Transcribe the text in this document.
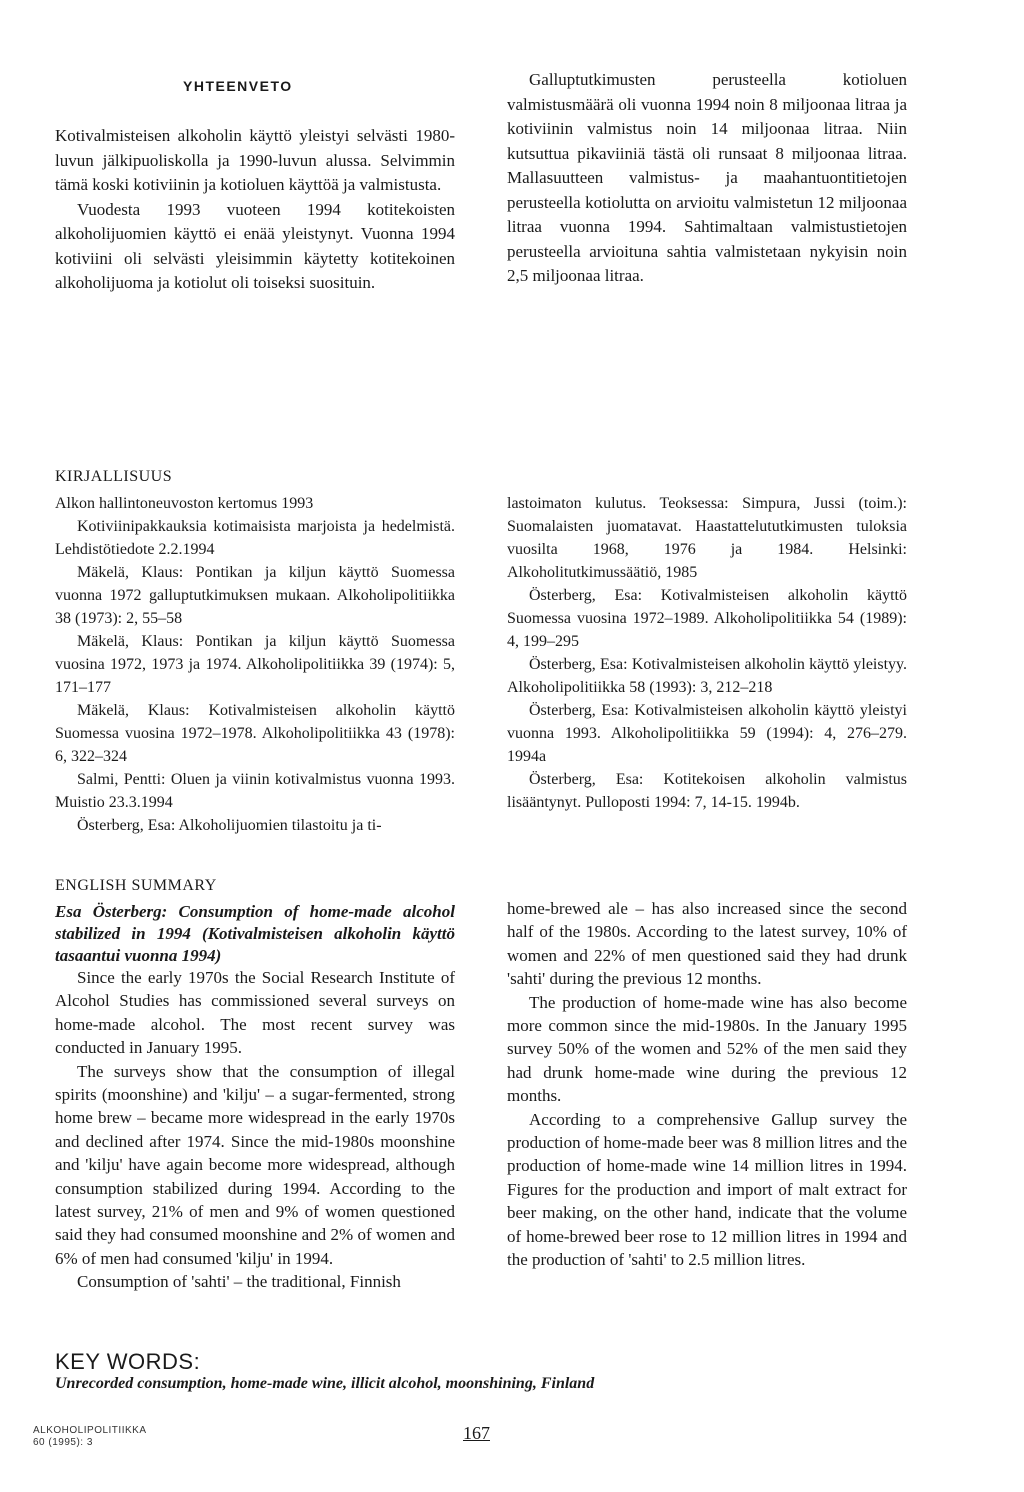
YHTEENVETO

Kotivalmisteisen alkoholin käyttö yleistyi selvästi 1980-luvun jälkipuoliskolla ja 1990-luvun alussa. Selvimmin tämä koski kotiviinin ja kotioluen käyttöä ja valmistusta.

Vuodesta 1993 vuoteen 1994 kotitekoisten alkoholijuomien käyttö ei enää yleistynyt. Vuonna 1994 kotiviini oli selvästi yleisimmin käytetty kotitekoinen alkoholijuoma ja kotiolut oli toiseksi suosituin.

Galluptutkimusten perusteella kotioluen valmistusmäärä oli vuonna 1994 noin 8 miljoonaa litraa ja kotiviinin valmistus noin 14 miljoonaa litraa. Niin kutsuttua pikaviiniä tästä oli runsaat 8 miljoonaa litraa. Mallasuutteen valmistus- ja maahantuontitietojen perusteella kotiolutta on arvioitu valmistetun 12 miljoonaa litraa vuonna 1994. Sahtimaltaan valmistustietojen perusteella arvioituna sahtia valmistetaan nykyisin noin 2,5 miljoonaa litraa.

KIRJALLISUUS

Alkon hallintoneuvoston kertomus 1993

Kotiviinipakkauksia kotimaisista marjoista ja hedelmistä. Lehdistötiedote 2.2.1994

Mäkelä, Klaus: Pontikan ja kiljun käyttö Suomessa vuonna 1972 galluptutkimuksen mukaan. Alkoholipolitiikka 38 (1973): 2, 55–58

Mäkelä, Klaus: Pontikan ja kiljun käyttö Suomessa vuosina 1972, 1973 ja 1974. Alkoholipolitiikka 39 (1974): 5, 171–177

Mäkelä, Klaus: Kotivalmisteisen alkoholin käyttö Suomessa vuosina 1972–1978. Alkoholipolitiikka 43 (1978): 6, 322–324

Salmi, Pentti: Oluen ja viinin kotivalmistus vuonna 1993. Muistio 23.3.1994

Österberg, Esa: Alkoholijuomien tilastoitu ja ti-

lastoimaton kulutus. Teoksessa: Simpura, Jussi (toim.): Suomalaisten juomatavat. Haastattelututkimusten tuloksia vuosilta 1968, 1976 ja 1984. Helsinki: Alkoholitutkimussäätiö, 1985

Österberg, Esa: Kotivalmisteisen alkoholin käyttö Suomessa vuosina 1972–1989. Alkoholipolitiikka 54 (1989): 4, 199–295

Österberg, Esa: Kotivalmisteisen alkoholin käyttö yleistyy. Alkoholipolitiikka 58 (1993): 3, 212–218

Österberg, Esa: Kotivalmisteisen alkoholin käyttö yleistyi vuonna 1993. Alkoholipolitiikka 59 (1994): 4, 276–279. 1994a

Österberg, Esa: Kotitekoisen alkoholin valmistus lisääntynyt. Pulloposti 1994: 7, 14-15. 1994b.

ENGLISH SUMMARY
Esa Österberg: Consumption of home-made alcohol stabilized in 1994 (Kotivalmisteisen alkoholin käyttö tasaantui vuonna 1994)

Since the early 1970s the Social Research Institute of Alcohol Studies has commissioned several surveys on home-made alcohol. The most recent survey was conducted in January 1995.

The surveys show that the consumption of illegal spirits (moonshine) and 'kilju' – a sugar-fermented, strong home brew – became more widespread in the early 1970s and declined after 1974. Since the mid-1980s moonshine and 'kilju' have again become more widespread, although consumption stabilized during 1994. According to the latest survey, 21% of men and 9% of women questioned said they had consumed moonshine and 2% of women and 6% of men had consumed 'kilju' in 1994.

Consumption of 'sahti' – the traditional, Finnish

home-brewed ale – has also increased since the second half of the 1980s. According to the latest survey, 10% of women and 22% of men questioned said they had drunk 'sahti' during the previous 12 months.

The production of home-made wine has also become more common since the mid-1980s. In the January 1995 survey 50% of the women and 52% of the men said they had drunk home-made wine during the previous 12 months.

According to a comprehensive Gallup survey the production of home-made beer was 8 million litres and the production of home-made wine 14 million litres in 1994. Figures for the production and import of malt extract for beer making, on the other hand, indicate that the volume of home-brewed beer rose to 12 million litres in 1994 and the production of 'sahti' to 2.5 million litres.

KEY WORDS:
Unrecorded consumption, home-made wine, illicit alcohol, moonshining, Finland
ALKOHOLIPOLITIIKKA
60 (1995): 3	167
